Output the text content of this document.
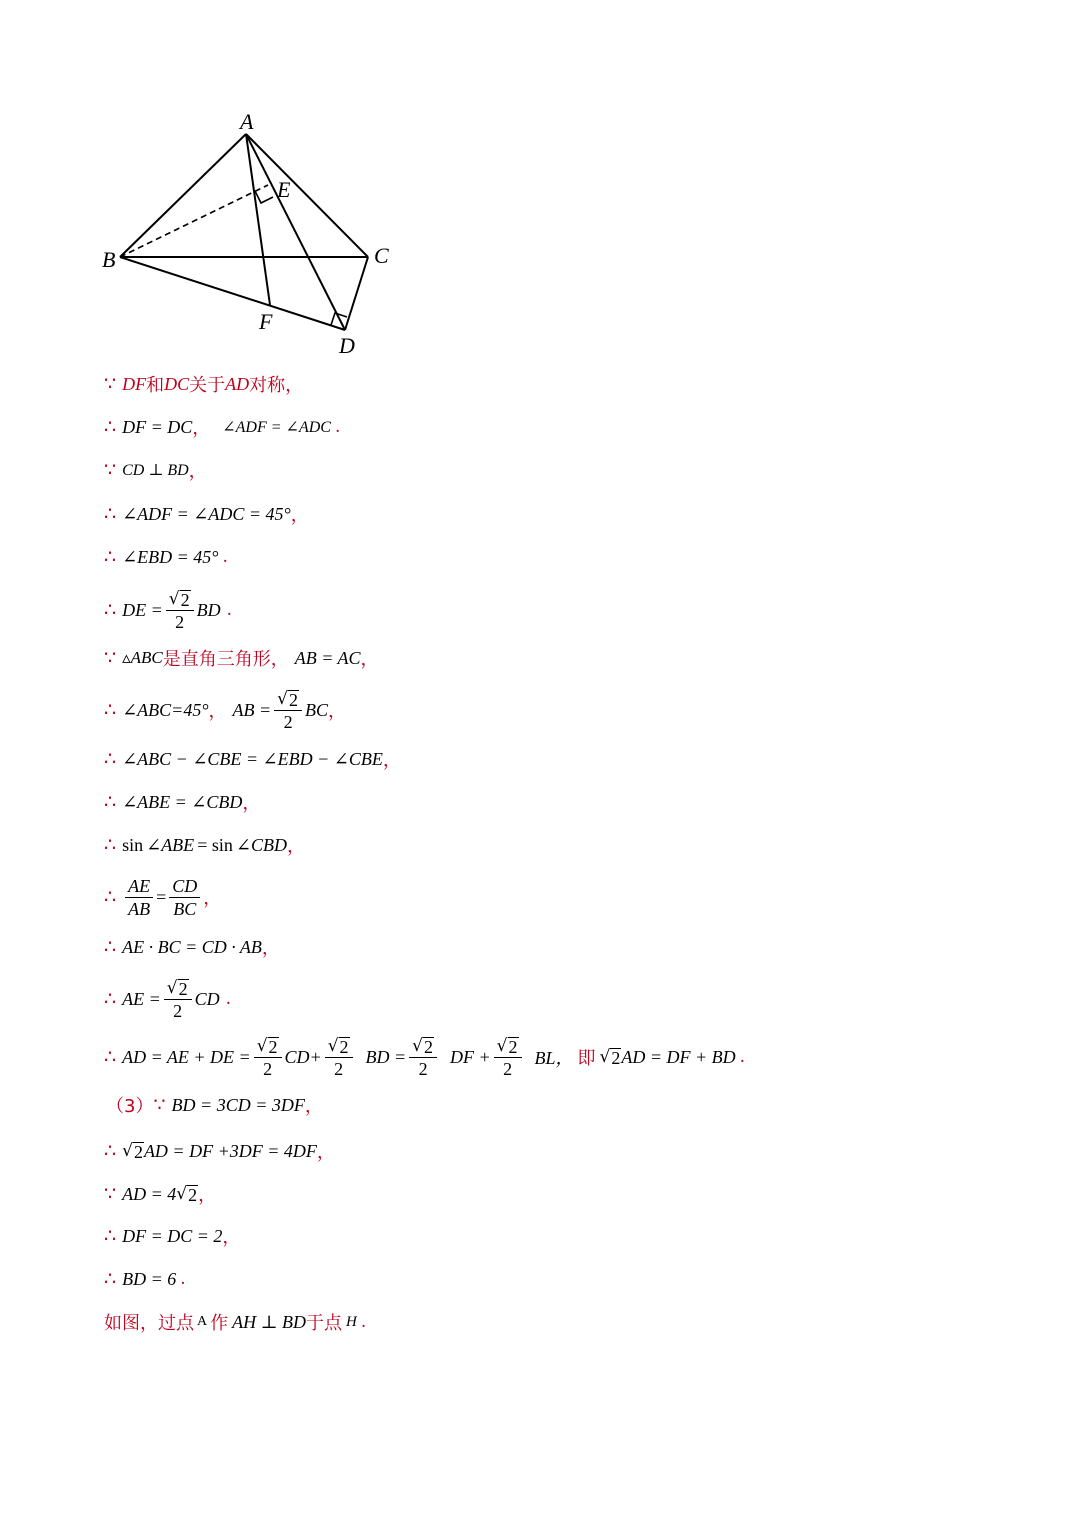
A
B	C
D
E
F
∵ DF 和 DC 关于 AD 对称，
∴ DF = DC ， ∠ADF = ∠ADC .
∵ CD ⊥ BD ，
∴ ∠ADF = ∠ADC = 45° ，
∴ ∠EBD = 45° .
∴ DE = $\frac{√ 2}{2}$ BD .
∵ ▵ABC 是直角三角形， AB = AC ，
∴ ∠ABC=45° ， AB = $\frac{√ 2}{2}$ BC ，
∴ ∠ABC − ∠CBE = ∠EBD − ∠CBE ，
∴ ∠ABE = ∠CBD ，
∴ sin ∠ABE = sin ∠CBD ，
∴ $\frac{AE}{AB} = \frac{CD}{BC}$ ，
∴ AE · BC = CD · AB ，
∴ AE = $\frac{√ 2}{2}$ CD .
∴ AD = AE + DE = $\frac{√ 2}{2} CD+ \frac{√ 2}{2}$ BD = $\frac{√ 2}{2}$ DF + $\frac{√ 2}{2}$ BL， 即 √ 2 AD = DF + BD .
（3） ∵ BD = 3CD = 3DF ，
∴ √ 2 AD = DF +3DF = 4DF ，
∵ AD = 4 √ 2 ，
∴ DF = DC = 2 ，
∴ BD = 6 .
如图，过点 A 作 AH ⊥ BD 于点 H .
